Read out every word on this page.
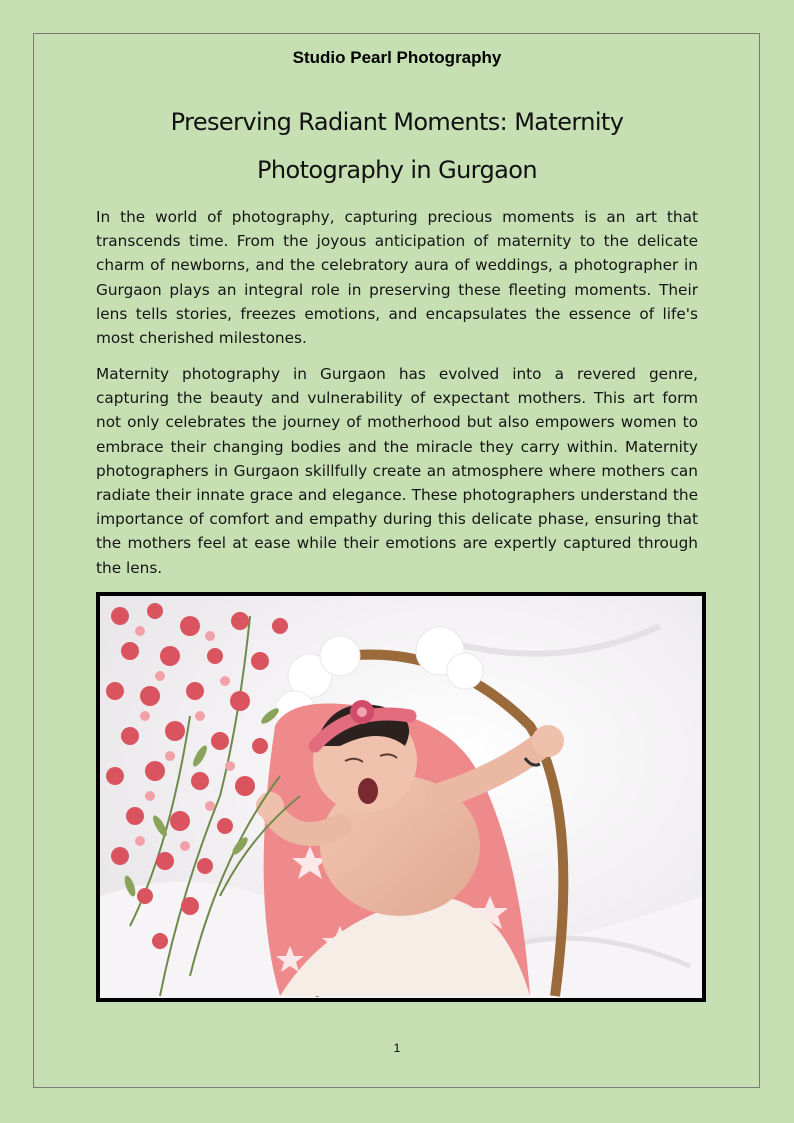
Studio Pearl Photography
Preserving Radiant Moments: Maternity Photography in Gurgaon

In the world of photography, capturing precious moments is an art that transcends time. From the joyous anticipation of maternity to the delicate charm of newborns, and the celebratory aura of weddings, a photographer in Gurgaon plays an integral role in preserving these fleeting moments. Their lens tells stories, freezes emotions, and encapsulates the essence of life's most cherished milestones.

Maternity photography in Gurgaon has evolved into a revered genre, capturing the beauty and vulnerability of expectant mothers. This art form not only celebrates the journey of motherhood but also empowers women to embrace their changing bodies and the miracle they carry within. Maternity photographers in Gurgaon skillfully create an atmosphere where mothers can radiate their innate grace and elegance. These photographers understand the importance of comfort and empathy during this delicate phase, ensuring that the mothers feel at ease while their emotions are expertly captured through the lens.

1
